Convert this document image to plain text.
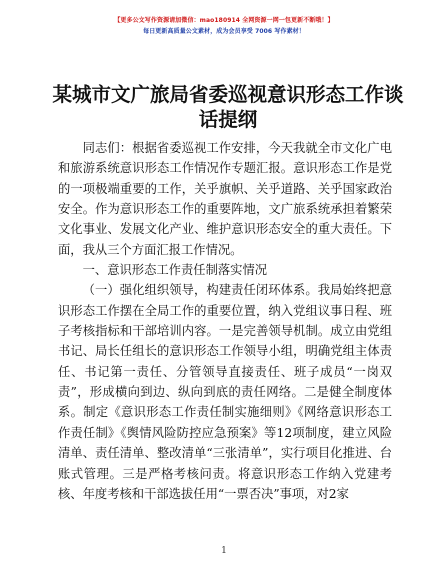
【更多公文写作资源请加微信：mao180914 全网资源一网一包更新不断哦！】
每日更新高质量公文素材，成为会员享受 7006 写作素材！
某城市文广旅局省委巡视意识形态工作谈话提纲

同志们：根据省委巡视工作安排，今天我就全市文化广电和旅游系统意识形态工作情况作专题汇报。意识形态工作是党的一项极端重要的工作，关乎旗帜、关乎道路、关乎国家政治安全。作为意识形态工作的重要阵地，文广旅系统承担着繁荣文化事业、发展文化产业、维护意识形态安全的重大责任。下面，我从三个方面汇报工作情况。

一、意识形态工作责任制落实情况

（一）强化组织领导，构建责任闭环体系。我局始终把意识形态工作摆在全局工作的重要位置，纳入党组议事日程、班子考核指标和干部培训内容。一是完善领导机制。成立由党组书记、局长任组长的意识形态工作领导小组，明确党组主体责任、书记第一责任、分管领导直接责任、班子成员“一岗双责”，形成横向到边、纵向到底的责任网络。二是健全制度体系。制定《意识形态工作责任制实施细则》《网络意识形态工作责任制》《舆情风险防控应急预案》等12项制度，建立风险清单、责任清单、整改清单“三张清单”，实行项目化推进、台账式管理。三是严格考核问责。将意识形态工作纳入党建考核、年度考核和干部选拔任用“一票否决”事项，对2家

1
